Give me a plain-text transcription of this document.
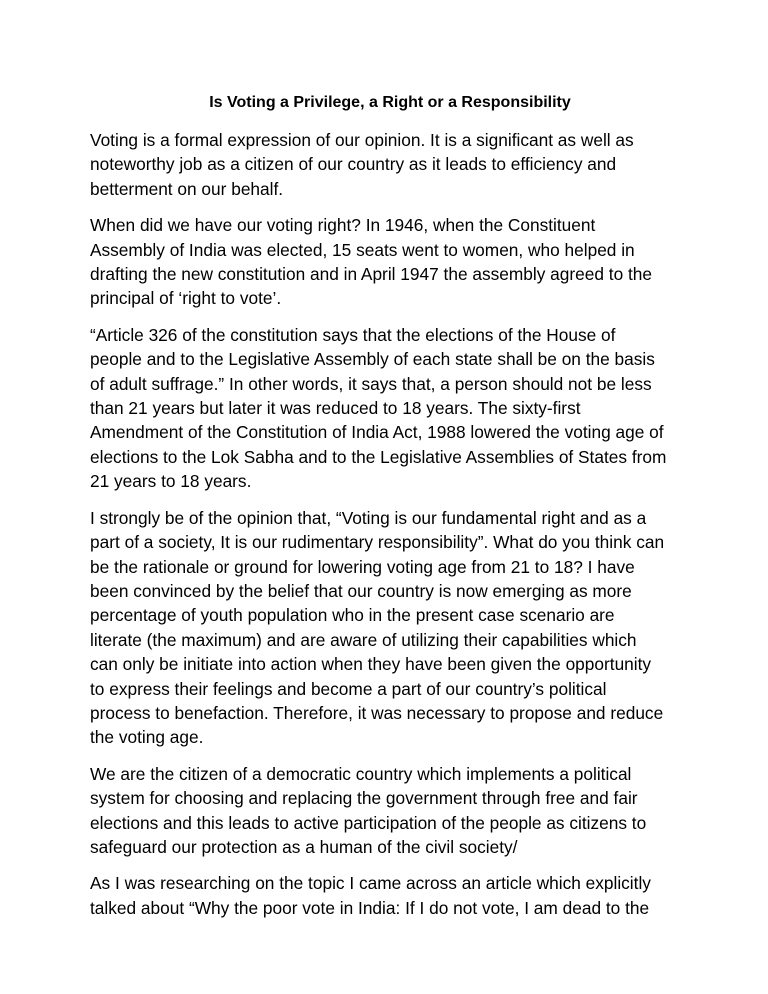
Is Voting a Privilege, a Right or a Responsibility

Voting is a formal expression of our opinion. It is a significant as well as
noteworthy job as a citizen of our country as it leads to efficiency and
betterment on our behalf.

When did we have our voting right? In 1946, when the Constituent
Assembly of India was elected, 15 seats went to women, who helped in
drafting the new constitution and in April 1947 the assembly agreed to the
principal of ‘right to vote’.

“Article 326 of the constitution says that the elections of the House of
people and to the Legislative Assembly of each state shall be on the basis
of adult suffrage.” In other words, it says that, a person should not be less
than 21 years but later it was reduced to 18 years. The sixty-first
Amendment of the Constitution of India Act, 1988 lowered the voting age of
elections to the Lok Sabha and to the Legislative Assemblies of States from
21 years to 18 years.

I strongly be of the opinion that, “Voting is our fundamental right and as a
part of a society, It is our rudimentary responsibility”. What do you think can
be the rationale or ground for lowering voting age from 21 to 18? I have
been convinced by the belief that our country is now emerging as more
percentage of youth population who in the present case scenario are
literate (the maximum) and are aware of utilizing their capabilities which
can only be initiate into action when they have been given the opportunity
to express their feelings and become a part of our country’s political
process to benefaction. Therefore, it was necessary to propose and reduce
the voting age.

We are the citizen of a democratic country which implements a political
system for choosing and replacing the government through free and fair
elections and this leads to active participation of the people as citizens to
safeguard our protection as a human of the civil society/

As I was researching on the topic I came across an article which explicitly
talked about “Why the poor vote in India: If I do not vote, I am dead to the
